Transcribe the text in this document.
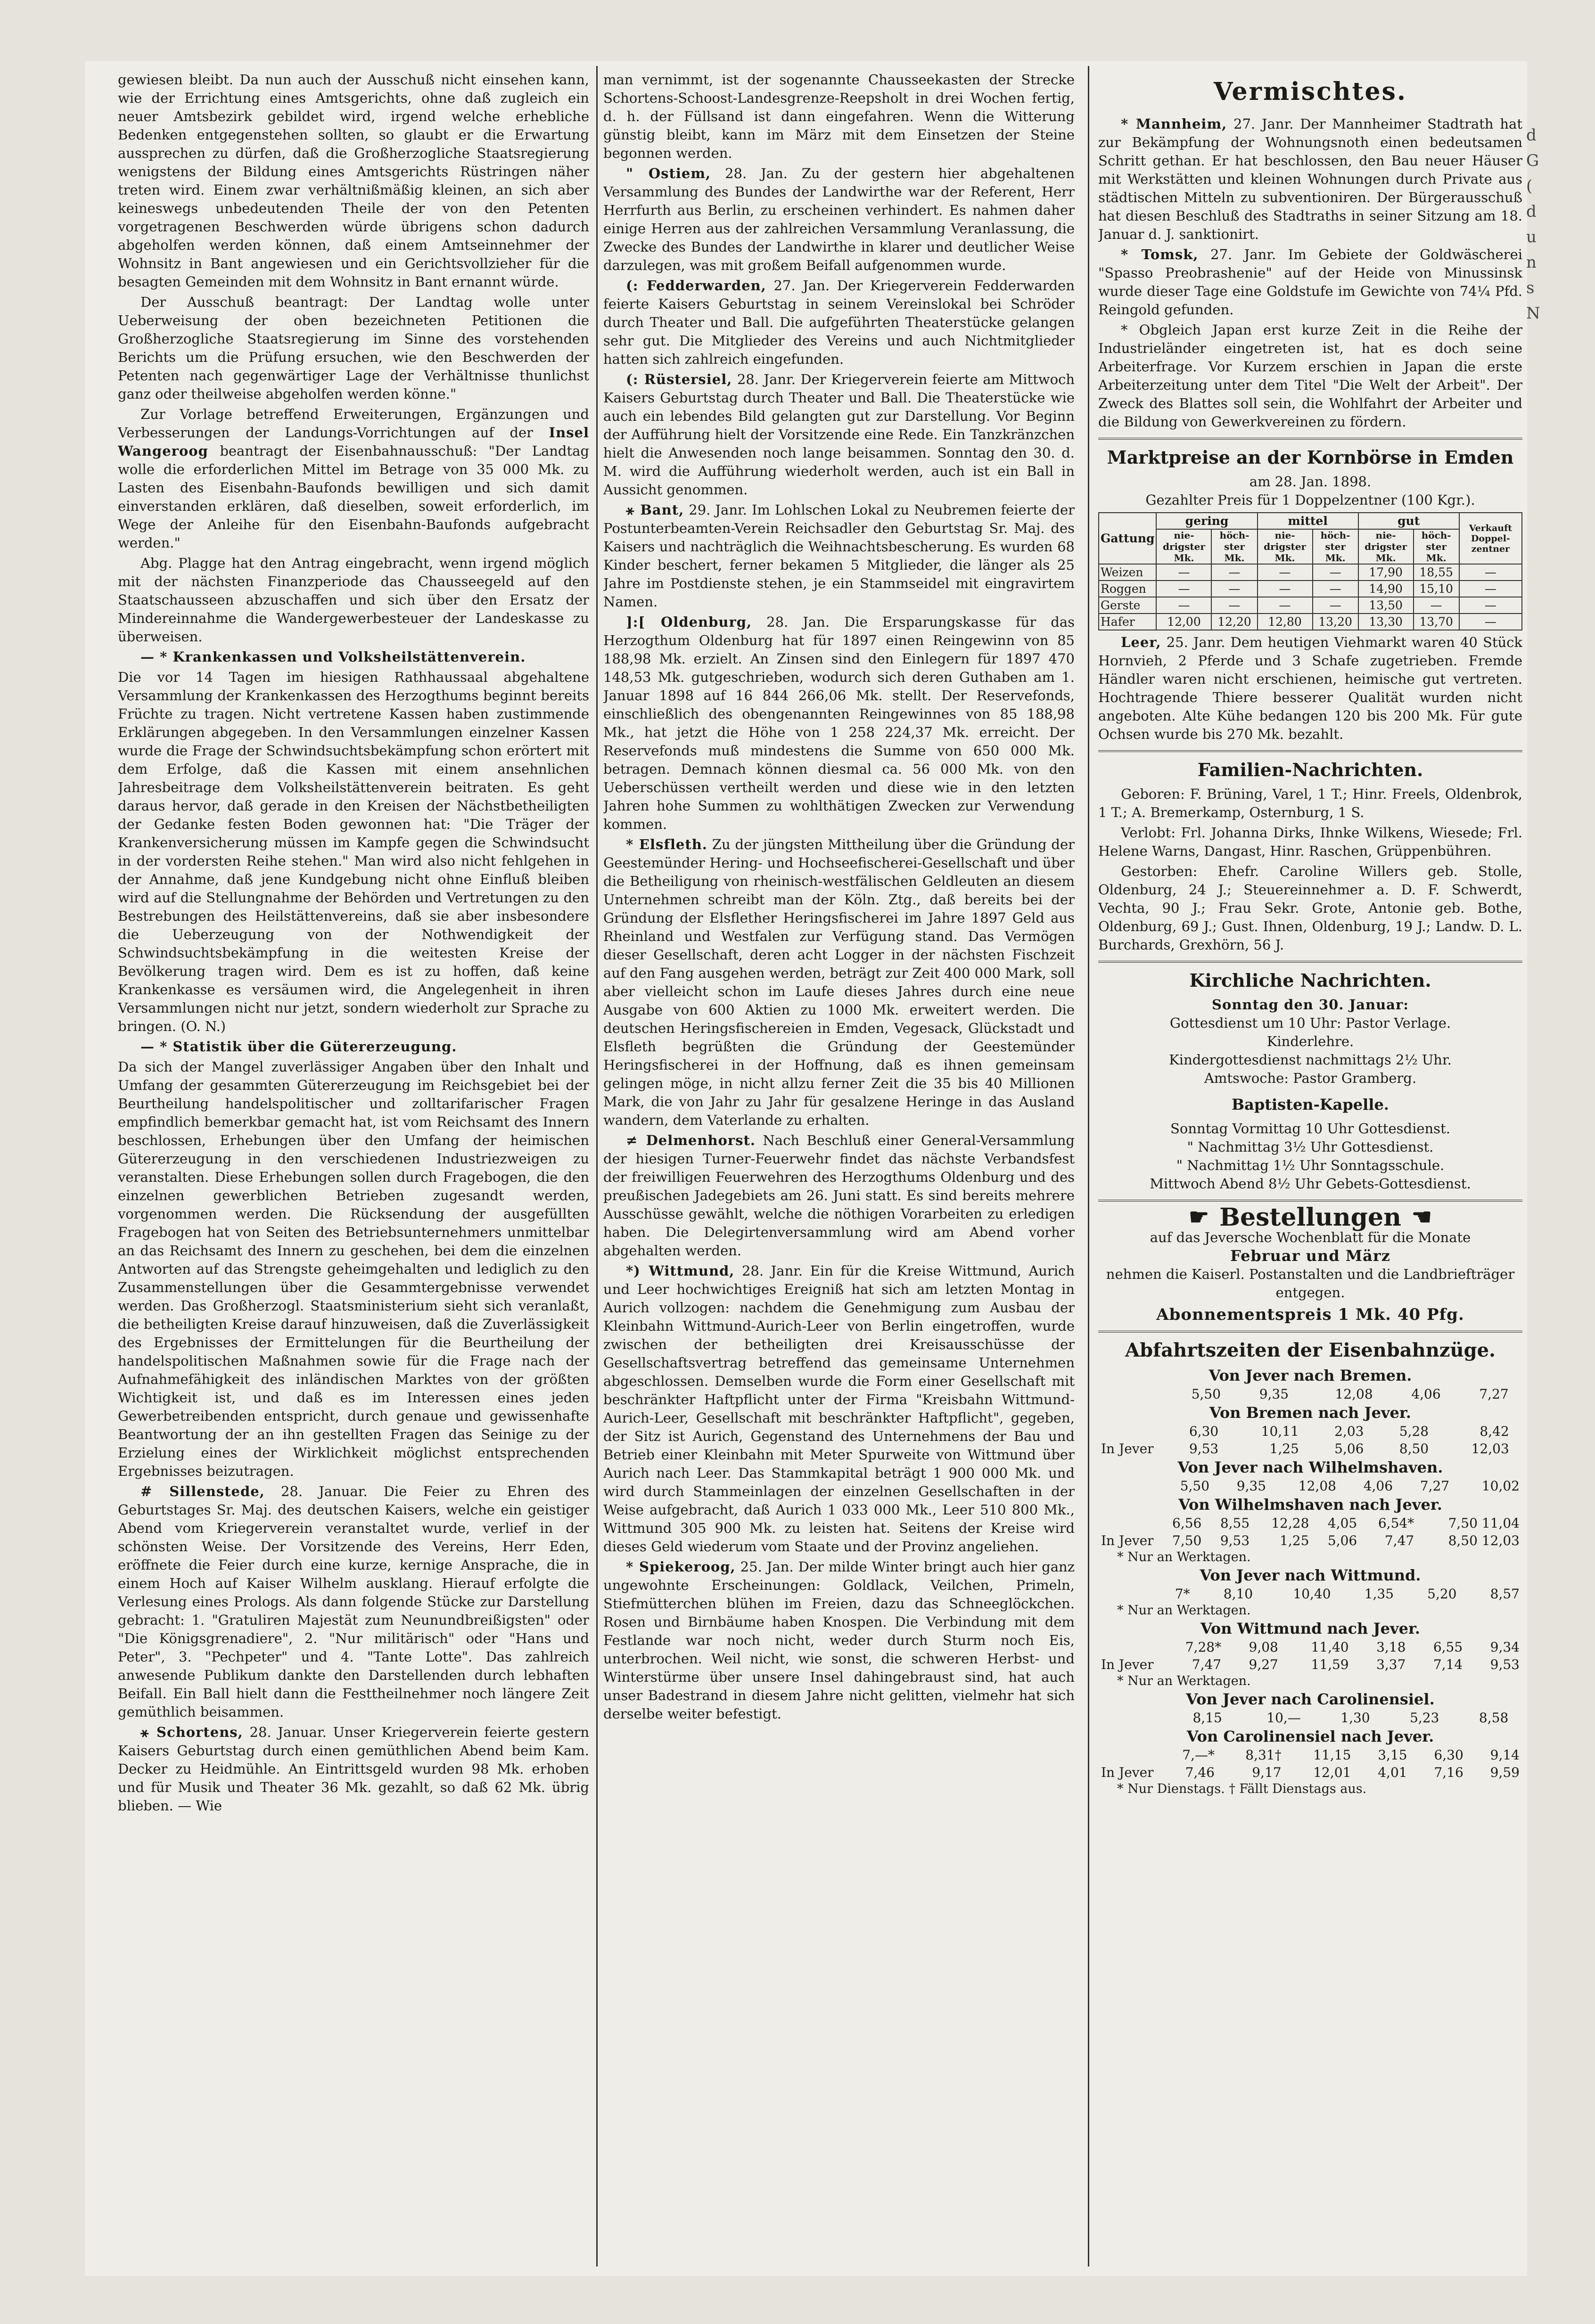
gewiesen bleibt. Da nun auch der Ausschuß nicht einsehen kann, wie der Errichtung eines Amtsgerichts, ohne daß zugleich ein neuer Amtsbezirk gebildet wird, irgend welche erhebliche Bedenken entgegenstehen sollten, so glaubt er die Erwartung aussprechen zu dürfen, daß die Großherzogliche Staatsregierung wenigstens der Bildung eines Amtsgerichts Rüstringen näher treten wird. Einem zwar verhältnißmäßig kleinen, an sich aber keineswegs unbedeutenden Theile der von den Petenten vorgetragenen Beschwerden würde übrigens schon dadurch abgeholfen werden können, daß einem Amtseinnehmer der Wohnsitz in Bant angewiesen und ein Gerichtsvollzieher für die besagten Gemeinden mit dem Wohnsitz in Bant ernannt würde.

Der Ausschuß beantragt: Der Landtag wolle unter Ueberweisung der oben bezeichneten Petitionen die Großherzogliche Staatsregierung im Sinne des vorstehenden Berichts um die Prüfung ersuchen, wie den Beschwerden der Petenten nach gegenwärtiger Lage der Verhältnisse thunlichst ganz oder theilweise abgeholfen werden könne."

Zur Vorlage betreffend Erweiterungen, Ergänzungen und Verbesserungen der Landungs-Vorrichtungen auf der Insel Wangeroog beantragt der Eisenbahnausschuß: "Der Landtag wolle die erforderlichen Mittel im Betrage von 35 000 Mk. zu Lasten des Eisenbahn-Baufonds bewilligen und sich damit einverstanden erklären, daß dieselben, soweit erforderlich, im Wege der Anleihe für den Eisenbahn-Baufonds aufgebracht werden."

Abg. Plagge hat den Antrag eingebracht, wenn irgend möglich mit der nächsten Finanzperiode das Chausseegeld auf den Staatschausseen abzuschaffen und sich über den Ersatz der Mindereinnahme die Wandergewerbesteuer der Landeskasse zu überweisen.

— * Krankenkassen und Volksheilstättenverein.

Die vor 14 Tagen im hiesigen Rathhaussaal abgehaltene Versammlung der Krankenkassen des Herzogthums beginnt bereits Früchte zu tragen. Nicht vertretene Kassen haben zustimmende Erklärungen abgegeben. In den Versammlungen einzelner Kassen wurde die Frage der Schwindsuchtsbekämpfung schon erörtert mit dem Erfolge, daß die Kassen mit einem ansehnlichen Jahresbeitrage dem Volksheilstättenverein beitraten. Es geht daraus hervor, daß gerade in den Kreisen der Nächstbetheiligten der Gedanke festen Boden gewonnen hat: "Die Träger der Krankenversicherung müssen im Kampfe gegen die Schwindsucht in der vordersten Reihe stehen." Man wird also nicht fehlgehen in der Annahme, daß jene Kundgebung nicht ohne Einfluß bleiben wird auf die Stellungnahme der Behörden und Vertretungen zu den Bestrebungen des Heilstättenvereins, daß sie aber insbesondere die Ueberzeugung von der Nothwendigkeit der Schwindsuchtsbekämpfung in die weitesten Kreise der Bevölkerung tragen wird. Dem es ist zu hoffen, daß keine Krankenkasse es versäumen wird, die Angelegenheit in ihren Versammlungen nicht nur jetzt, sondern wiederholt zur Sprache zu bringen. (O. N.)

— * Statistik über die Gütererzeugung.

Da sich der Mangel zuverlässiger Angaben über den Inhalt und Umfang der gesammten Gütererzeugung im Reichsgebiet bei der Beurtheilung handelspolitischer und zolltarifarischer Fragen empfindlich bemerkbar gemacht hat, ist vom Reichsamt des Innern beschlossen, Erhebungen über den Umfang der heimischen Gütererzeugung in den verschiedenen Industriezweigen zu veranstalten. Diese Erhebungen sollen durch Fragebogen, die den einzelnen gewerblichen Betrieben zugesandt werden, vorgenommen werden. Die Rücksendung der ausgefüllten Fragebogen hat von Seiten des Betriebsunternehmers unmittelbar an das Reichsamt des Innern zu geschehen, bei dem die einzelnen Antworten auf das Strengste geheimgehalten und lediglich zu den Zusammenstellungen über die Gesammtergebnisse verwendet werden. Das Großherzogl. Staatsministerium sieht sich veranlaßt, die betheiligten Kreise darauf hinzuweisen, daß die Zuverlässigkeit des Ergebnisses der Ermittelungen für die Beurtheilung der handelspolitischen Maßnahmen sowie für die Frage nach der Aufnahmefähigkeit des inländischen Marktes von der größten Wichtigkeit ist, und daß es im Interessen eines jeden Gewerbetreibenden entspricht, durch genaue und gewissenhafte Beantwortung der an ihn gestellten Fragen das Seinige zu der Erzielung eines der Wirklichkeit möglichst entsprechenden Ergebnisses beizutragen.

# Sillenstede, 28. Januar. Die Feier zu Ehren des Geburtstages Sr. Maj. des deutschen Kaisers, welche ein geistiger Abend vom Kriegerverein veranstaltet wurde, verlief in der schönsten Weise. Der Vorsitzende des Vereins, Herr Eden, eröffnete die Feier durch eine kurze, kernige Ansprache, die in einem Hoch auf Kaiser Wilhelm ausklang. Hierauf erfolgte die Verlesung eines Prologs. Als dann folgende Stücke zur Darstellung gebracht: 1. "Gratuliren Majestät zum Neunundbreißigsten" oder "Die Königsgrenadiere", 2. "Nur militärisch" oder "Hans und Peter", 3. "Pechpeter" und 4. "Tante Lotte". Das zahlreich anwesende Publikum dankte den Darstellenden durch lebhaften Beifall. Ein Ball hielt dann die Festtheilnehmer noch längere Zeit gemüthlich beisammen.

⚹ Schortens, 28. Januar. Unser Kriegerverein feierte gestern Kaisers Geburtstag durch einen gemüthlichen Abend beim Kam. Decker zu Heidmühle. An Eintrittsgeld wurden 98 Mk. erhoben und für Musik und Theater 36 Mk. gezahlt, so daß 62 Mk. übrig blieben. — Wie

man vernimmt, ist der sogenannte Chausseekasten der Strecke Schortens-Schoost-Landesgrenze-Reepsholt in drei Wochen fertig, d. h. der Füllsand ist dann eingefahren. Wenn die Witterung günstig bleibt, kann im März mit dem Einsetzen der Steine begonnen werden.

" Ostiem, 28. Jan. Zu der gestern hier abgehaltenen Versammlung des Bundes der Landwirthe war der Referent, Herr Herrfurth aus Berlin, zu erscheinen verhindert. Es nahmen daher einige Herren aus der zahlreichen Versammlung Veranlassung, die Zwecke des Bundes der Landwirthe in klarer und deutlicher Weise darzulegen, was mit großem Beifall aufgenommen wurde.

(: Fedderwarden, 27. Jan. Der Kriegerverein Fedderwarden feierte Kaisers Geburtstag in seinem Vereinslokal bei Schröder durch Theater und Ball. Die aufgeführten Theaterstücke gelangen sehr gut. Die Mitglieder des Vereins und auch Nichtmitglieder hatten sich zahlreich eingefunden.

(: Rüstersiel, 28. Janr. Der Kriegerverein feierte am Mittwoch Kaisers Geburtstag durch Theater und Ball. Die Theaterstücke wie auch ein lebendes Bild gelangten gut zur Darstellung. Vor Beginn der Aufführung hielt der Vorsitzende eine Rede. Ein Tanzkränzchen hielt die Anwesenden noch lange beisammen. Sonntag den 30. d. M. wird die Aufführung wiederholt werden, auch ist ein Ball in Aussicht genommen.

⚹ Bant, 29. Janr. Im Lohlschen Lokal zu Neubremen feierte der Postunterbeamten-Verein Reichsadler den Geburtstag Sr. Maj. des Kaisers und nachträglich die Weihnachtsbescherung. Es wurden 68 Kinder beschert, ferner bekamen 5 Mitglieder, die länger als 25 Jahre im Postdienste stehen, je ein Stammseidel mit eingravirtem Namen.

]:[ Oldenburg, 28. Jan. Die Ersparungskasse für das Herzogthum Oldenburg hat für 1897 einen Reingewinn von 85 188,98 Mk. erzielt. An Zinsen sind den Einlegern für 1897 470 148,53 Mk. gutgeschrieben, wodurch sich deren Guthaben am 1. Januar 1898 auf 16 844 266,06 Mk. stellt. Der Reservefonds, einschließlich des obengenannten Reingewinnes von 85 188,98 Mk., hat jetzt die Höhe von 1 258 224,37 Mk. erreicht. Der Reservefonds muß mindestens die Summe von 650 000 Mk. betragen. Demnach können diesmal ca. 56 000 Mk. von den Ueberschüssen vertheilt werden und diese wie in den letzten Jahren hohe Summen zu wohlthätigen Zwecken zur Verwendung kommen.

* Elsfleth. Zu der jüngsten Mittheilung über die Gründung der Geestemünder Hering- und Hochseefischerei-Gesellschaft und über die Betheiligung von rheinisch-westfälischen Geldleuten an diesem Unternehmen schreibt man der Köln. Ztg., daß bereits bei der Gründung der Elsflether Heringsfischerei im Jahre 1897 Geld aus Rheinland und Westfalen zur Verfügung stand. Das Vermögen dieser Gesellschaft, deren acht Logger in der nächsten Fischzeit auf den Fang ausgehen werden, beträgt zur Zeit 400 000 Mark, soll aber vielleicht schon im Laufe dieses Jahres durch eine neue Ausgabe von 600 Aktien zu 1000 Mk. erweitert werden. Die deutschen Heringsfischereien in Emden, Vegesack, Glückstadt und Elsfleth begrüßten die Gründung der Geestemünder Heringsfischerei in der Hoffnung, daß es ihnen gemeinsam gelingen möge, in nicht allzu ferner Zeit die 35 bis 40 Millionen Mark, die von Jahr zu Jahr für gesalzene Heringe in das Ausland wandern, dem Vaterlande zu erhalten.

≠ Delmenhorst. Nach Beschluß einer General-Versammlung der hiesigen Turner-Feuerwehr findet das nächste Verbandsfest der freiwilligen Feuerwehren des Herzogthums Oldenburg und des preußischen Jadegebiets am 26. Juni statt. Es sind bereits mehrere Ausschüsse gewählt, welche die nöthigen Vorarbeiten zu erledigen haben. Die Delegirtenversammlung wird am Abend vorher abgehalten werden.

*) Wittmund, 28. Janr. Ein für die Kreise Wittmund, Aurich und Leer hochwichtiges Ereigniß hat sich am letzten Montag in Aurich vollzogen: nachdem die Genehmigung zum Ausbau der Kleinbahn Wittmund-Aurich-Leer von Berlin eingetroffen, wurde zwischen der betheiligten drei Kreisausschüsse der Gesellschaftsvertrag betreffend das gemeinsame Unternehmen abgeschlossen. Demselben wurde die Form einer Gesellschaft mit beschränkter Haftpflicht unter der Firma "Kreisbahn Wittmund-Aurich-Leer, Gesellschaft mit beschränkter Haftpflicht", gegeben, der Sitz ist Aurich, Gegenstand des Unternehmens der Bau und Betrieb einer Kleinbahn mit Meter Spurweite von Wittmund über Aurich nach Leer. Das Stammkapital beträgt 1 900 000 Mk. und wird durch Stammeinlagen der einzelnen Gesellschaften in der Weise aufgebracht, daß Aurich 1 033 000 Mk., Leer 510 800 Mk., Wittmund 305 900 Mk. zu leisten hat. Seitens der Kreise wird dieses Geld wiederum vom Staate und der Provinz angeliehen.

* Spiekeroog, 25. Jan. Der milde Winter bringt auch hier ganz ungewohnte Erscheinungen: Goldlack, Veilchen, Primeln, Stiefmütterchen blühen im Freien, dazu das Schneeglöckchen. Rosen und Birnbäume haben Knospen. Die Verbindung mit dem Festlande war noch nicht, weder durch Sturm noch Eis, unterbrochen. Weil nicht, wie sonst, die schweren Herbst- und Winterstürme über unsere Insel dahingebraust sind, hat auch unser Badestrand in diesem Jahre nicht gelitten, vielmehr hat sich derselbe weiter befestigt.

Vermischtes.

* Mannheim, 27. Janr. Der Mannheimer Stadtrath hat zur Bekämpfung der Wohnungsnoth einen bedeutsamen Schritt gethan. Er hat beschlossen, den Bau neuer Häuser mit Werkstätten und kleinen Wohnungen durch Private aus städtischen Mitteln zu subventioniren. Der Bürgerausschuß hat diesen Beschluß des Stadtraths in seiner Sitzung am 18. Januar d. J. sanktionirt.

* Tomsk, 27. Janr. Im Gebiete der Goldwäscherei "Spasso Preobrashenie" auf der Heide von Minussinsk wurde dieser Tage eine Goldstufe im Gewichte von 74¼ Pfd. Reingold gefunden.

* Obgleich Japan erst kurze Zeit in die Reihe der Industrieländer eingetreten ist, hat es doch seine Arbeiterfrage. Vor Kurzem erschien in Japan die erste Arbeiterzeitung unter dem Titel "Die Welt der Arbeit". Der Zweck des Blattes soll sein, die Wohlfahrt der Arbeiter und die Bildung von Gewerkvereinen zu fördern.

Marktpreise an der Kornbörse in Emden
am 28. Jan. 1898.
Gezahlter Preis für 1 Doppelzentner (100 Kgr.).
Gattung	gering		mittel		gut		Verkauft Doppel- zentner
	nie- drigster Mk.	höch- ster Mk.	nie- drigster Mk.	höch- ster Mk.	nie- drigster Mk.	höch- ster Mk.	
Weizen	—	—	—	—	17,90	18,55	—
Roggen	—	—	—	—	14,90	15,10	—
Gerste	—	—	—	—	13,50	—	—
Hafer	12,00	12,20	12,80	13,20	13,30	13,70	—

Leer, 25. Janr. Dem heutigen Viehmarkt waren 40 Stück Hornvieh, 2 Pferde und 3 Schafe zugetrieben. Fremde Händler waren nicht erschienen, heimische gut vertreten. Hochtragende Thiere besserer Qualität wurden nicht angeboten. Alte Kühe bedangen 120 bis 200 Mk. Für gute Ochsen wurde bis 270 Mk. bezahlt.

Familien-Nachrichten.

Geboren: F. Brüning, Varel, 1 T.; Hinr. Freels, Oldenbrok, 1 T.; A. Bremerkamp, Osternburg, 1 S.

Verlobt: Frl. Johanna Dirks, Ihnke Wilkens, Wiesede; Frl. Helene Warns, Dangast, Hinr. Raschen, Grüppenbühren.

Gestorben: Ehefr. Caroline Willers geb. Stolle, Oldenburg, 24 J.; Steuereinnehmer a. D. F. Schwerdt, Vechta, 90 J.; Frau Sekr. Grote, Antonie geb. Bothe, Oldenburg, 69 J.; Gust. Ihnen, Oldenburg, 19 J.; Landw. D. L. Burchards, Grexhörn, 56 J.

Kirchliche Nachrichten.
Sonntag den 30. Januar:
Gottesdienst um 10 Uhr: Pastor Verlage.
Kinderlehre.
Kindergottesdienst nachmittags 2½ Uhr.
Amtswoche: Pastor Gramberg.
Baptisten-Kapelle.
Sonntag Vormittag 10 Uhr Gottesdienst.
" Nachmittag 3½ Uhr Gottesdienst.
" Nachmittag 1½ Uhr Sonntagsschule.
Mittwoch Abend 8½ Uhr Gebets-Gottesdienst.
☛ Bestellungen ☚
auf das Jeversche Wochenblatt für die Monate
Februar und März
nehmen die Kaiserl. Postanstalten und die Landbriefträger entgegen.
Abonnementspreis 1 Mk. 40 Pfg.
Abfahrtszeiten der Eisenbahnzüge.
Von Jever nach Bremen.
	5,50	9,35	12,08	4,06	7,27	
Von Bremen nach Jever.
	6,30	10,11	2,03	5,28	8,42	
In Jever	9,53	1,25	5,06	8,50	12,03	
Von Jever nach Wilhelmshaven.
	5,50	9,35	12,08	4,06	7,27	10,02
Von Wilhelmshaven nach Jever.
	6,56	8,55	12,28	4,05	6,54*	7,50 11,04
In Jever	7,50	9,53	1,25	5,06	7,47	8,50 12,03
* Nur an Werktagen.
Von Jever nach Wittmund.
	7*	8,10	10,40	1,35	5,20	8,57
* Nur an Werktagen.
Von Wittmund nach Jever.
	7,28*	9,08	11,40	3,18	6,55	9,34
In Jever	7,47	9,27	11,59	3,37	7,14	9,53
* Nur an Werktagen.
Von Jever nach Carolinensiel.
	8,15	10,—	1,30	5,23	8,58	
Von Carolinensiel nach Jever.
	7,—*	8,31†	11,15	3,15	6,30	9,14
In Jever	7,46	9,17	12,01	4,01	7,16	9,59
* Nur Dienstags. † Fällt Dienstags aus.
d
G
(
d
u
n
s
N
